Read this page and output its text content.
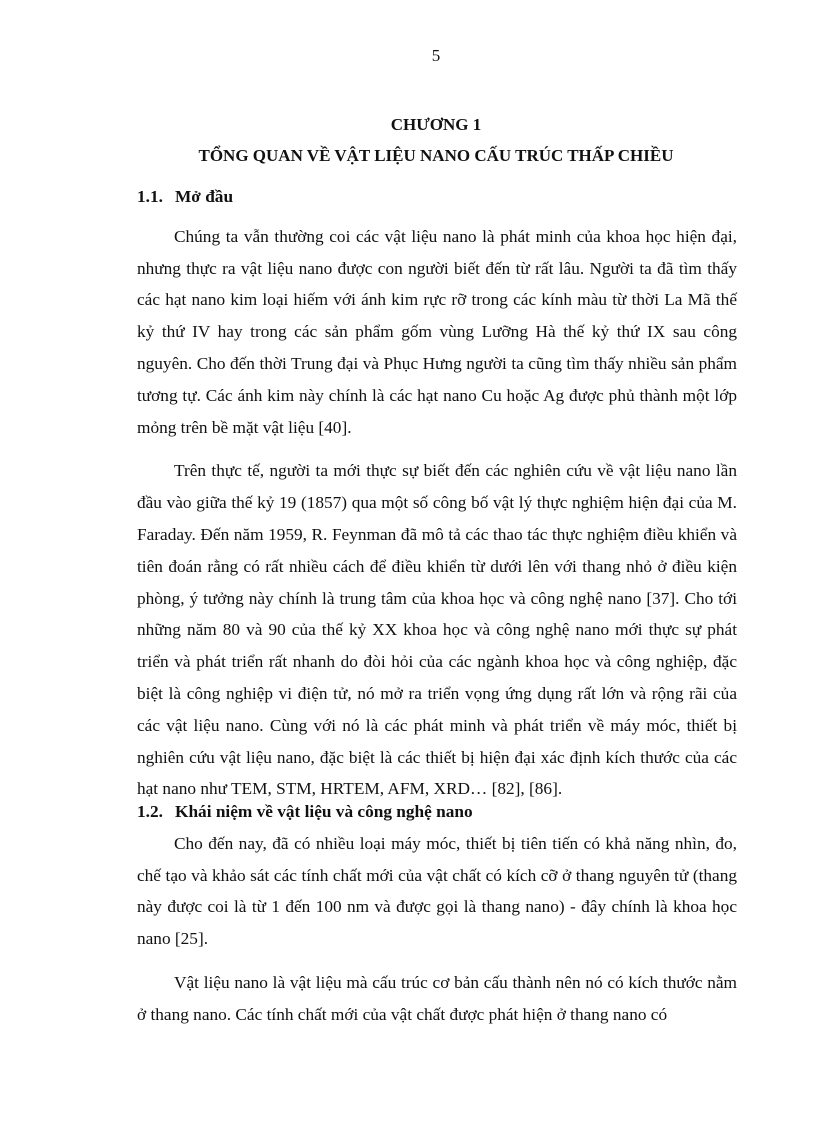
5
CHƯƠNG 1
TỔNG QUAN VỀ VẬT LIỆU NANO CẤU TRÚC THẤP CHIỀU
1.1. Mở đầu

Chúng ta vẫn thường coi các vật liệu nano là phát minh của khoa học hiện đại, nhưng thực ra vật liệu nano được con người biết đến từ rất lâu. Người ta đã tìm thấy các hạt nano kim loại hiếm với ánh kim rực rỡ trong các kính màu từ thời La Mã thế kỷ thứ IV hay trong các sản phẩm gốm vùng Lưỡng Hà thế kỷ thứ IX sau công nguyên. Cho đến thời Trung đại và Phục Hưng người ta cũng tìm thấy nhiều sản phẩm tương tự. Các ánh kim này chính là các hạt nano Cu hoặc Ag được phủ thành một lớp mỏng trên bề mặt vật liệu [40].

Trên thực tế, người ta mới thực sự biết đến các nghiên cứu về vật liệu nano lần đầu vào giữa thế kỷ 19 (1857) qua một số công bố vật lý thực nghiệm hiện đại của M. Faraday. Đến năm 1959, R. Feynman đã mô tả các thao tác thực nghiệm điều khiển và tiên đoán rằng có rất nhiều cách để điều khiển từ dưới lên với thang nhỏ ở điều kiện phòng, ý tưởng này chính là trung tâm của khoa học và công nghệ nano [37]. Cho tới những năm 80 và 90 của thế kỷ XX khoa học và công nghệ nano mới thực sự phát triển và phát triển rất nhanh do đòi hỏi của các ngành khoa học và công nghiệp, đặc biệt là công nghiệp vi điện tử, nó mở ra triển vọng ứng dụng rất lớn và rộng rãi của các vật liệu nano. Cùng với nó là các phát minh và phát triển về máy móc, thiết bị nghiên cứu vật liệu nano, đặc biệt là các thiết bị hiện đại xác định kích thước của các hạt nano như TEM, STM, HRTEM, AFM, XRD… [82], [86].

1.2. Khái niệm về vật liệu và công nghệ nano

Cho đến nay, đã có nhiều loại máy móc, thiết bị tiên tiến có khả năng nhìn, đo, chế tạo và khảo sát các tính chất mới của vật chất có kích cỡ ở thang nguyên tử (thang này được coi là từ 1 đến 100 nm và được gọi là thang nano) - đây chính là khoa học nano [25].

Vật liệu nano là vật liệu mà cấu trúc cơ bản cấu thành nên nó có kích thước nằm ở thang nano. Các tính chất mới của vật chất được phát hiện ở thang nano có
